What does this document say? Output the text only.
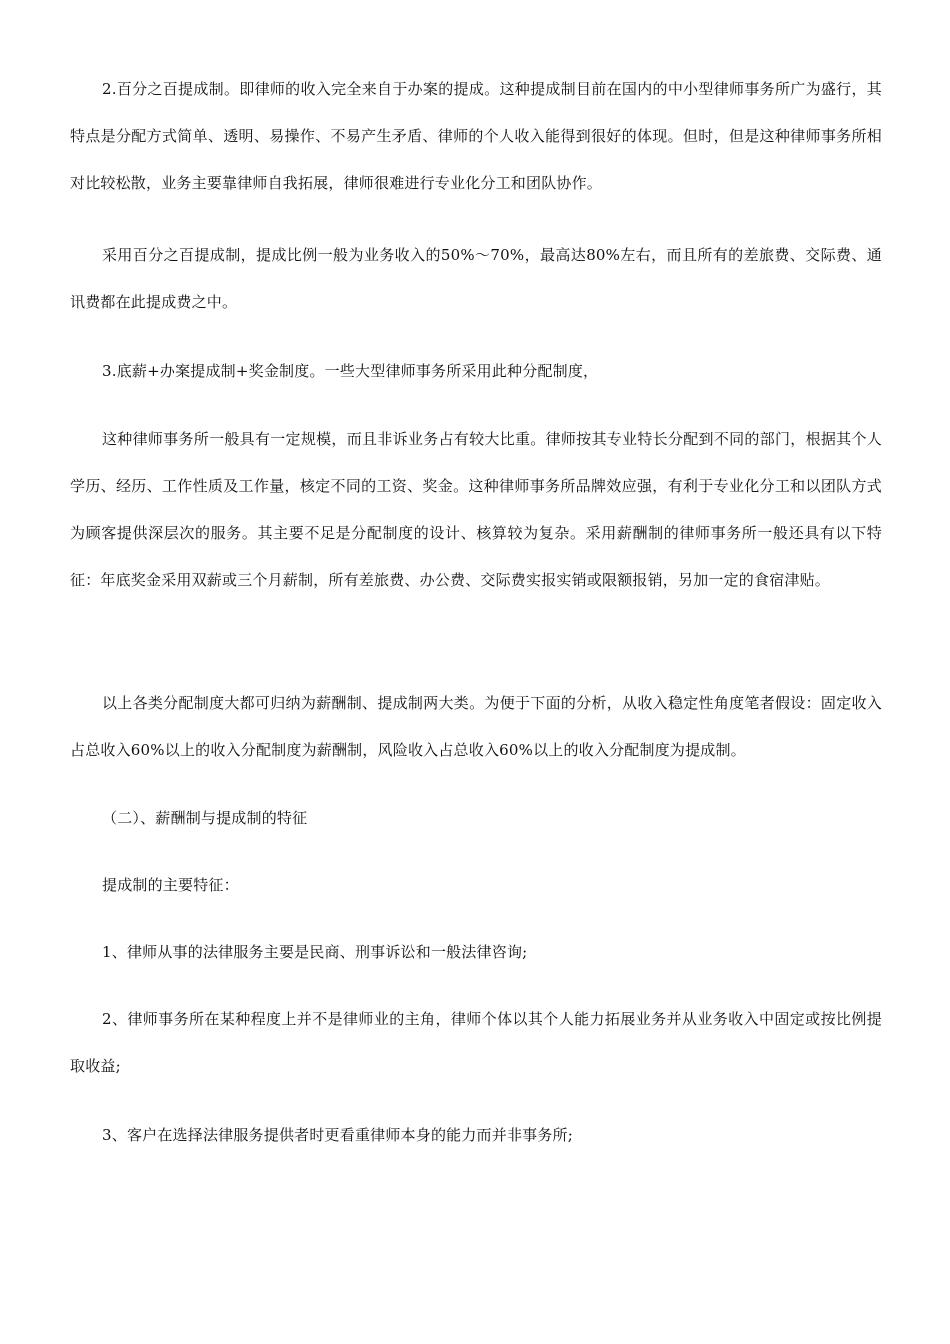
2.百分之百提成制。即律师的收入完全来自于办案的提成。这种提成制目前在国内的中小型律师事务所广为盛行，其特点是分配方式简单、透明、易操作、不易产生矛盾、律师的个人收入能得到很好的体现。但时，但是这种律师事务所相对比较松散，业务主要靠律师自我拓展，律师很难进行专业化分工和团队协作。

采用百分之百提成制，提成比例一般为业务收入的50%～70%，最高达80%左右，而且所有的差旅费、交际费、通讯费都在此提成费之中。

3.底薪+办案提成制+奖金制度。一些大型律师事务所采用此种分配制度，

这种律师事务所一般具有一定规模，而且非诉业务占有较大比重。律师按其专业特长分配到不同的部门，根据其个人学历、经历、工作性质及工作量，核定不同的工资、奖金。这种律师事务所品牌效应强，有利于专业化分工和以团队方式为顾客提供深层次的服务。其主要不足是分配制度的设计、核算较为复杂。采用薪酬制的律师事务所一般还具有以下特征：年底奖金采用双薪或三个月薪制，所有差旅费、办公费、交际费实报实销或限额报销，另加一定的食宿津贴。

以上各类分配制度大都可归纳为薪酬制、提成制两大类。为便于下面的分析，从收入稳定性角度笔者假设：固定收入占总收入60%以上的收入分配制度为薪酬制，风险收入占总收入60%以上的收入分配制度为提成制。

（二）、薪酬制与提成制的特征

提成制的主要特征：

1、律师从事的法律服务主要是民商、刑事诉讼和一般法律咨询;

2、律师事务所在某种程度上并不是律师业的主角，律师个体以其个人能力拓展业务并从业务收入中固定或按比例提取收益;

3、客户在选择法律服务提供者时更看重律师本身的能力而并非事务所;
